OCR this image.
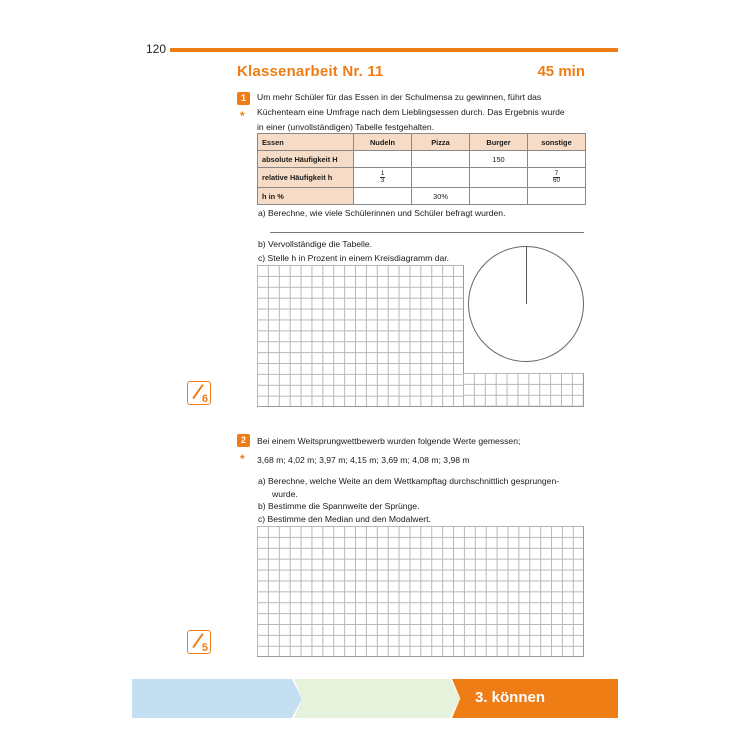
120
Klassenarbeit Nr. 11	45 min
1
*
Um mehr Schüler für das Essen in der Schulmensa zu gewinnen, führt das
Küchenteam eine Umfrage nach dem Lieblingsessen durch. Das Ergebnis wurde
in einer (unvollständigen) Tabelle festgehalten.
Essen	Nudeln	Pizza	Burger	sonstige
absolute Häufigkeit H			150	
relative Häufigkeit h	$\frac{1}{3}$			$\frac{7}{60}$

h in %		30%		
a) Berechne, wie viele Schülerinnen und Schüler befragt wurden.
b) Vervollständige die Tabelle.
c) Stelle h in Prozent in einem Kreisdiagramm dar.
6
2
*
Bei einem Weitsprungwettbewerb wurden folgende Werte gemessen;
3,68 m; 4,02 m; 3,97 m; 4,15 m; 3,69 m; 4,08 m; 3,98 m
a) Berechne, welche Weite an dem Wettkampftag durchschnittlich gesprungen-
wurde.
b) Bestimme die Spannweite der Sprünge.
c) Bestimme den Median und den Modalwert.
5
3. können
